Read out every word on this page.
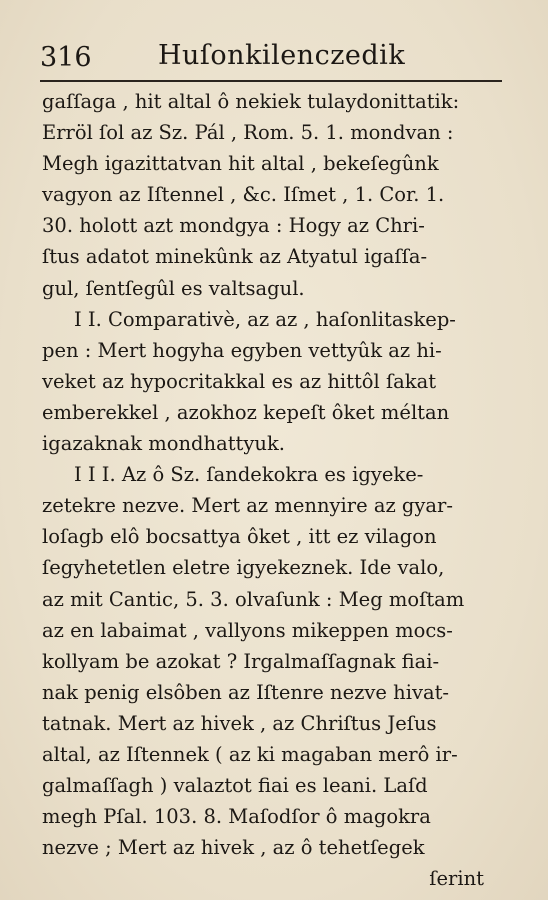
316 Huſonkilenczedik
gaſſaga , hit altal ô nekiek tulaydonittatik:
Erröl ſol az Sz. Pál , Rom. 5. 1. mondvan :
Megh igazittatvan hit altal , bekeſegûnk
vagyon az Iſtennel , &c. Iſmet , 1. Cor. 1.
30. holott azt mondgya : Hogy az Chri-
ſtus adatot minekûnk az Atyatul igaſſa-
gul, ſentſegûl es valtsagul.
I I. Comparativè, az az , haſonlitaskep-
pen : Mert hogyha egyben vettyûk az hi-
veket az hypocritakkal es az hittôl ſakat
emberekkel , azokhoz kepeſt ôket méltan
igazaknak mondhattyuk.
I I I. Az ô Sz. ſandekokra es igyeke-
zetekre nezve. Mert az mennyire az gyar-
loſagb elô bocsattya ôket , itt ez vilagon
ſegyhetetlen eletre igyekeznek. Ide valo,
az mit Cantic, 5. 3. olvaſunk : Meg moſtam
az en labaimat , vallyons mikeppen mocs-
kollyam be azokat ? Irgalmaſſagnak fiai-
nak penig elsôben az Iſtenre nezve hivat-
tatnak. Mert az hivek , az Chriſtus Jeſus
altal, az Iſtennek ( az ki magaban merô ir-
galmaſſagh ) valaztot fiai es leani. Laſd
megh Pſal. 103. 8. Maſodſor ô magokra
nezve ; Mert az hivek , az ô tehetſegek
ſerint
